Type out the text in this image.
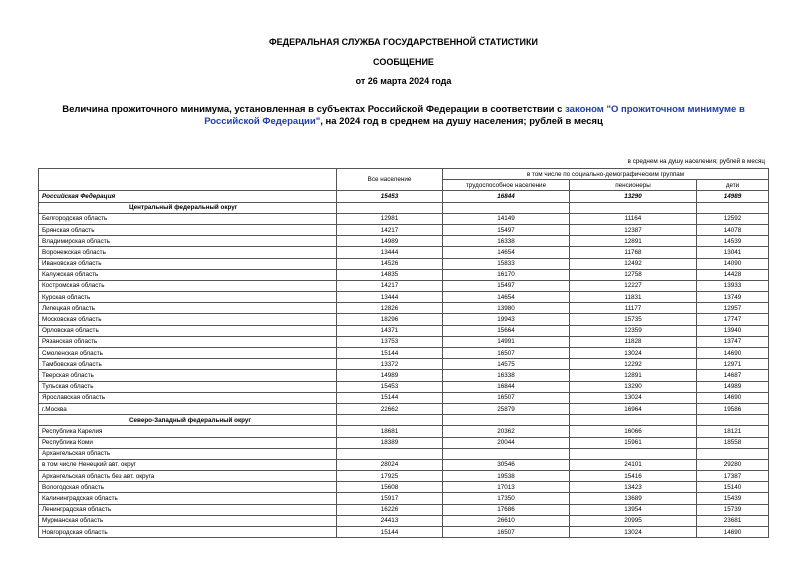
ФЕДЕРАЛЬНАЯ СЛУЖБА ГОСУДАРСТВЕННОЙ СТАТИСТИКИ
СООБЩЕНИЕ
от 26 марта 2024 года
Величина прожиточного минимума, установленная в субъектах Российской Федерации в соответствии с законом "О прожиточном минимуме в Российской Федерации", на 2024 год в среднем на душу населения; рублей в месяц
в среднем на душу населения; рублей в месяц
	Все население	в том числе по социально-демографическим группам		
		трудоспособное население	пенсионеры	дети
Российская Федерация	15453	16844	13290	14989
Центральный федеральный округ				
Белгородская область	12981	14149	11164	12592
Брянская область	14217	15497	12387	14078
Владимирская область	14989	16338	12891	14539
Воронежская область	13444	14654	11768	13041
Ивановская область	14526	15833	12492	14090
Калужская область	14835	16170	12758	14428
Костромская область	14217	15497	12227	13933
Курская область	13444	14654	11831	13749
Липецкая область	12826	13980	11177	12957
Московская область	18296	19943	15735	17747
Орловская область	14371	15664	12359	13940
Рязанская область	13753	14991	11828	13747
Смоленская область	15144	16507	13024	14690
Тамбовская область	13372	14575	12292	12971
Тверская область	14989	16338	12891	14687
Тульская область	15453	16844	13290	14989
Ярославская область	15144	16507	13024	14690
г.Москва	22662	25879	16964	19586
Северо-Западный федеральный округ				
Республика Карелия	18681	20362	16066	18121
Республика Коми	18389	20044	15961	18558
Архангельская область				
в том числе Ненецкий авт. округ	28024	30546	24101	29280
Архангельская область без авт. округа	17925	19538	15416	17387
Вологодская область	15608	17013	13423	15140
Калининградская область	15917	17350	13689	15439
Ленинградская область	16226	17686	13954	15739
Мурманская область	24413	26610	20995	23681
Новгородская область	15144	16507	13024	14690
